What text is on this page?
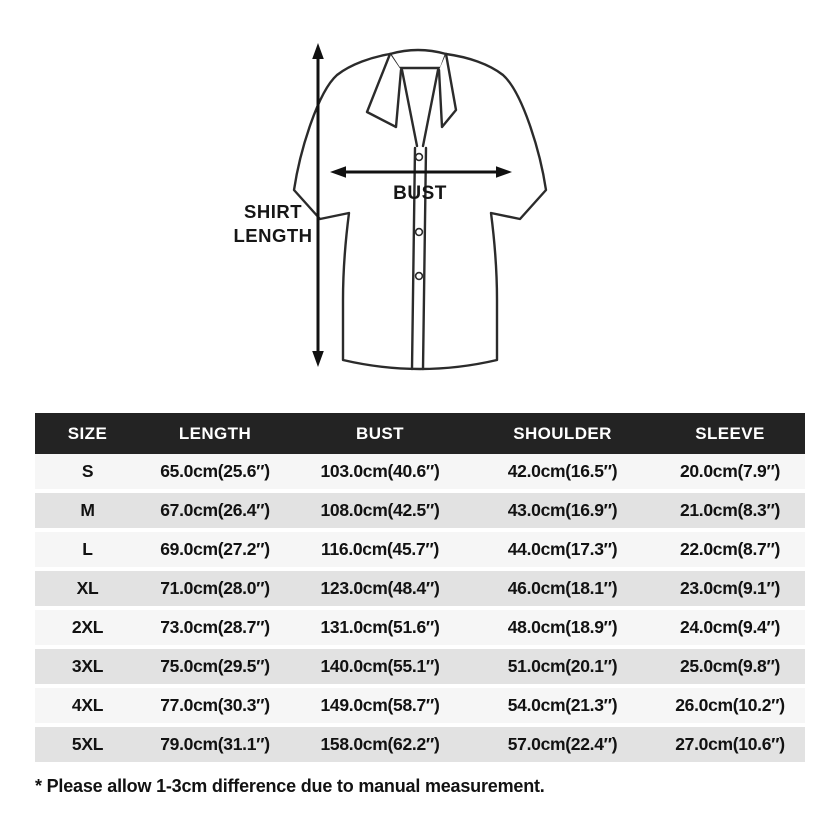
SHIRT
LENGTH
BUST
SIZE	LENGTH	BUST	SHOULDER	SLEEVE
S	65.0cm(25.6″)	103.0cm(40.6″)	42.0cm(16.5″)	20.0cm(7.9″)
M	67.0cm(26.4″)	108.0cm(42.5″)	43.0cm(16.9″)	21.0cm(8.3″)
L	69.0cm(27.2″)	116.0cm(45.7″)	44.0cm(17.3″)	22.0cm(8.7″)
XL	71.0cm(28.0″)	123.0cm(48.4″)	46.0cm(18.1″)	23.0cm(9.1″)
2XL	73.0cm(28.7″)	131.0cm(51.6″)	48.0cm(18.9″)	24.0cm(9.4″)
3XL	75.0cm(29.5″)	140.0cm(55.1″)	51.0cm(20.1″)	25.0cm(9.8″)
4XL	77.0cm(30.3″)	149.0cm(58.7″)	54.0cm(21.3″)	26.0cm(10.2″)
5XL	79.0cm(31.1″)	158.0cm(62.2″)	57.0cm(22.4″)	27.0cm(10.6″)
* Please allow 1-3cm difference due to manual measurement.
